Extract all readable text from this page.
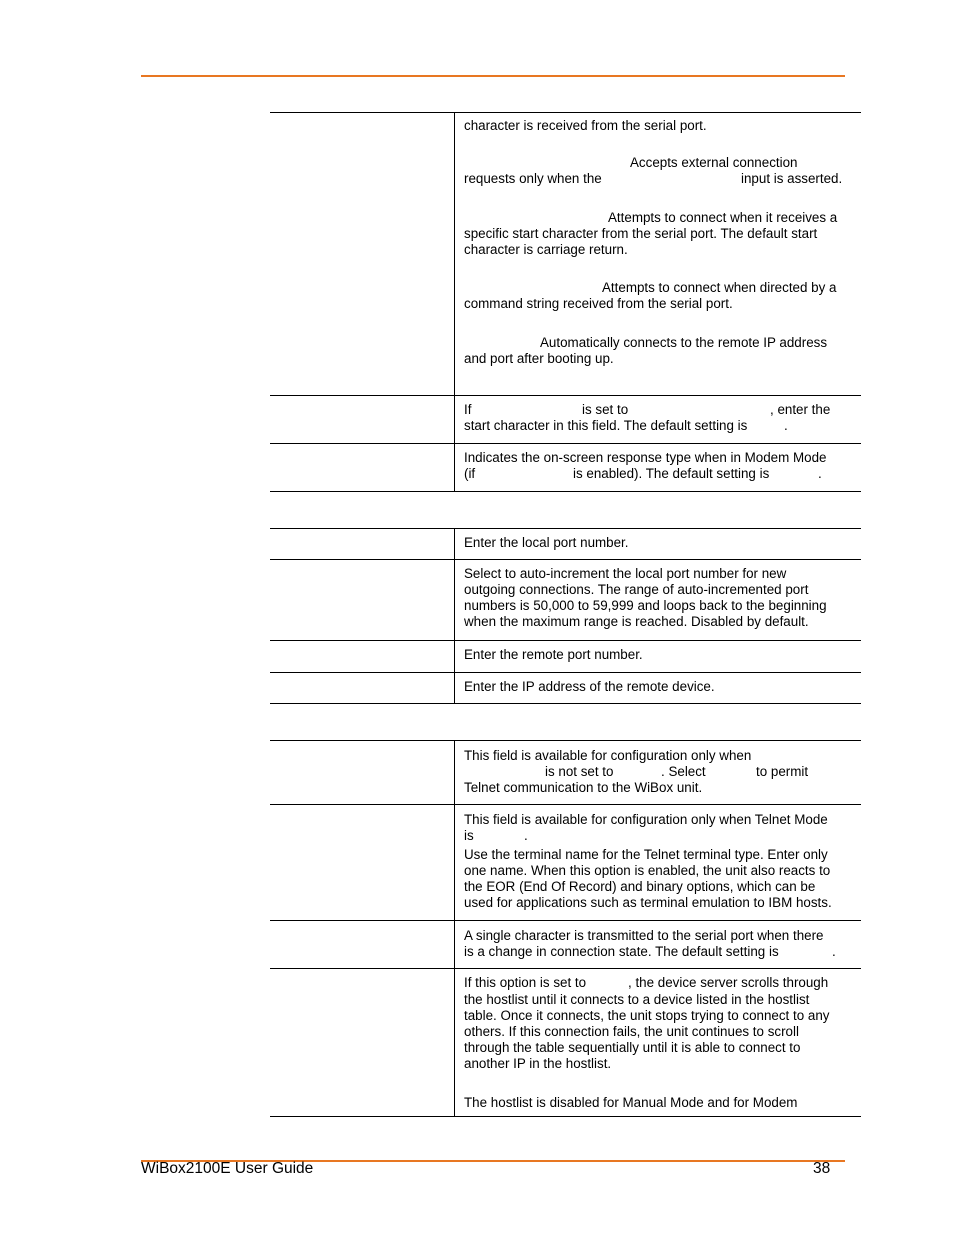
character is received from the serial port.
Accepts external connection
requests only when the	input is asserted.
Attempts to connect when it receives a
specific start character from the serial port. The default start
character is carriage return.
Attempts to connect when directed by a
command string received from the serial port.
Automatically connects to the remote IP address
and port after booting up.
If	is set to	, enter the
start character in this field. The default setting is	.
Indicates the on-screen response type when in Modem Mode
(if	is enabled). The default setting is	.
Enter the local port number.
Select to auto-increment the local port number for new
outgoing connections. The range of auto-incremented port
numbers is 50,000 to 59,999 and loops back to the beginning
when the maximum range is reached. Disabled by default.
Enter the remote port number.
Enter the IP address of the remote device.
This field is available for configuration only when
is not set to	. Select	to permit
Telnet communication to the WiBox unit.
This field is available for configuration only when Telnet Mode
is	.
Use the terminal name for the Telnet terminal type. Enter only
one name. When this option is enabled, the unit also reacts to
the EOR (End Of Record) and binary options, which can be
used for applications such as terminal emulation to IBM hosts.
A single character is transmitted to the serial port when there
is a change in connection state. The default setting is	.
If this option is set to	, the device server scrolls through
the hostlist until it connects to a device listed in the hostlist
table. Once it connects, the unit stops trying to connect to any
others. If this connection fails, the unit continues to scroll
through the table sequentially until it is able to connect to
another IP in the hostlist.
The hostlist is disabled for Manual Mode and for Modem
WiBox2100E User Guide	38
